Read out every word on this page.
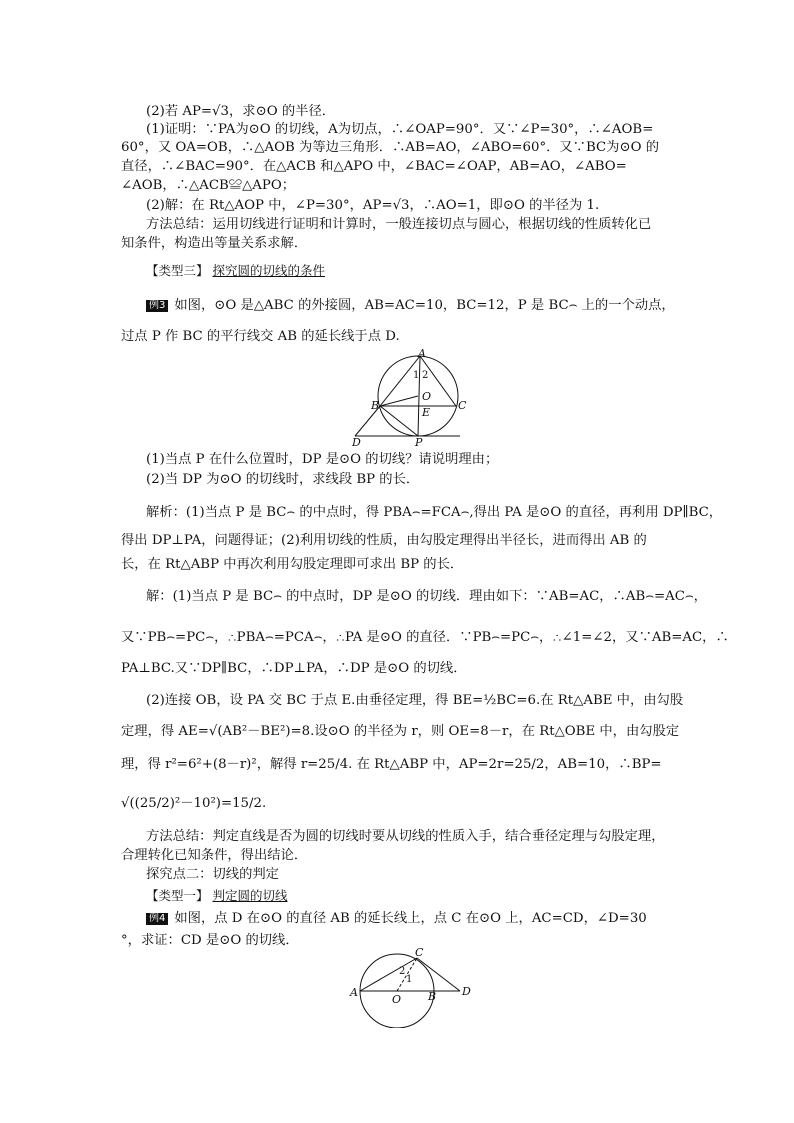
(2)若 AP=√3，求⊙O 的半径．
(1)证明：∵PA为⊙O 的切线，A为切点，∴∠OAP=90°．又∵∠P=30°，∴∠AOB=
60°，又 OA=OB，∴△AOB 为等边三角形．∴AB=AO，∠ABO=60°．又∵BC为⊙O 的
直径，∴∠BAC=90°．在△ACB 和△APO 中，∠BAC=∠OAP，AB=AO，∠ABO=
∠AOB，∴△ACB≌△APO；
(2)解：在 Rt△AOP 中，∠P=30°，AP=√3，∴AO=1，即⊙O 的半径为 1.
方法总结：运用切线进行证明和计算时，一般连接切点与圆心，根据切线的性质转化已
知条件，构造出等量关系求解．
【类型三】 探究圆的切线的条件
例3 如图，⊙O 是△ABC 的外接圆，AB=AC=10，BC=12，P 是 BC⌢ 上的一个动点，
过点 P 作 BC 的平行线交 AB 的延长线于点 D.
A
B	C
O
E
P
D
1 2
(1)当点 P 在什么位置时，DP 是⊙O 的切线？请说明理由；
(2)当 DP 为⊙O 的切线时，求线段 BP 的长．
解析：(1)当点 P 是 BC⌢ 的中点时，得 PBA⌢=FCA⌢,得出 PA 是⊙O 的直径，再利用 DP∥BC，
得出 DP⊥PA，问题得证；(2)利用切线的性质，由勾股定理得出半径长，进而得出 AB 的
长，在 Rt△ABP 中再次利用勾股定理即可求出 BP 的长．
解：(1)当点 P 是 BC⌢ 的中点时，DP 是⊙O 的切线．理由如下：∵AB=AC，∴AB⌢=AC⌢，
又∵PB⌢=PC⌢，∴PBA⌢=PCA⌢，∴PA 是⊙O 的直径．∵PB⌢=PC⌢，∴∠1=∠2，又∵AB=AC，∴
PA⊥BC.又∵DP∥BC，∴DP⊥PA，∴DP 是⊙O 的切线．
(2)连接 OB，设 PA 交 BC 于点 E.由垂径定理，得 BE=½BC=6.在 Rt△ABE 中，由勾股
定理，得 AE=√(AB²－BE²)=8.设⊙O 的半径为 r，则 OE=8－r，在 Rt△OBE 中，由勾股定
理，得 r²=6²+(8－r)²，解得 r=25/4. 在 Rt△ABP 中，AP=2r=25/2，AB=10，∴BP=
√((25/2)²－10²)=15/2.
方法总结：判定直线是否为圆的切线时要从切线的性质入手，结合垂径定理与勾股定理，
合理转化已知条件，得出结论．
探究点二：切线的判定
【类型一】 判定圆的切线
例4 如图，点 D 在⊙O 的直径 AB 的延长线上，点 C 在⊙O 上，AC=CD，∠D=30
°，求证：CD 是⊙O 的切线．
A	B
C
O
D
1
2
